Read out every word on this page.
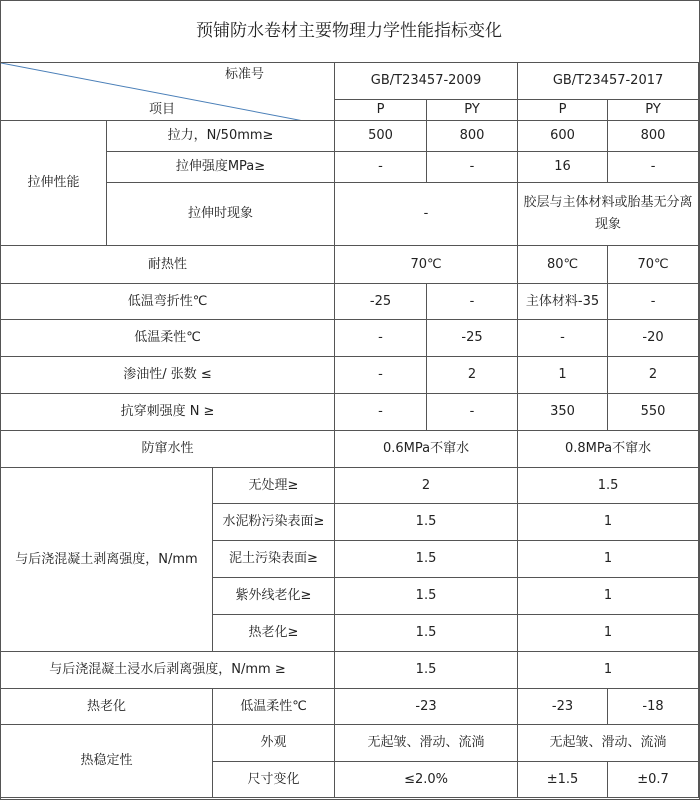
预铺防水卷材主要物理力学性能指标变化
标准号
项目			GB/T23457-2009		GB/T23457-2017	
			P	PY	P	PY
拉伸性能	拉力，N/50mm≥		500	800	600	800
	拉伸强度MPa≥		-	-	16	-
	拉伸时现象		-		胶层与主体材料或胎基无分离现象	
耐热性			70℃		80℃	70℃
低温弯折性℃			-25	-	主体材料-35	-
低温柔性℃			-	-25	-	-20
渗油性/ 张数 ≤			-	2	1	2
抗穿刺强度 N ≥			-	-	350	550
防窜水性			0.6MPa不窜水		0.8MPa不窜水	
与后浇混凝土剥离强度，N/mm		无处理≥	2		1.5	
		水泥粉污染表面≥	1.5		1	
		泥土污染表面≥	1.5		1	
		紫外线老化≥	1.5		1	
		热老化≥	1.5		1	
与后浇混凝土浸水后剥离强度，N/mm ≥			1.5		1	
热老化		低温柔性℃	-23		-23	-18
热稳定性		外观	无起皱、滑动、流淌		无起皱、滑动、流淌	
		尺寸变化	≤2.0%		±1.5	±0.7
